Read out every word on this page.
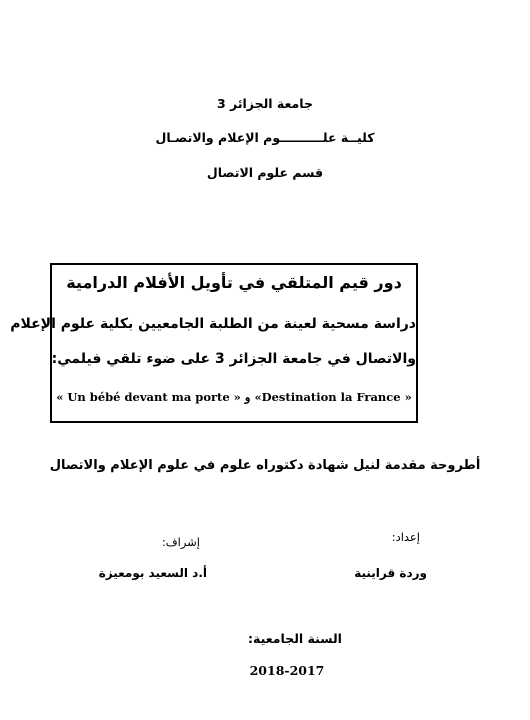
جامعة الجزائر 3
كليــة علــــــــــوم الإعلام والاتصـال
قسم علوم الاتصال
دور قيم المتلقي في تأويل الأفلام الدرامية
دراسة مسحية لعينة من الطلبة الجامعيين بكلية علوم الإعلام
والاتصال في جامعة الجزائر 3 على ضوء تلقي فيلمي:
« Un bébé devant ma porte » و «Destination la France »
أطروحة مقدمة لنيل شهادة دكتوراه علوم في علوم الإعلام والاتصال
إعداد:
إشراف:
وردة قراينية
أ.د السعيد بومعيزة
السنة الجامعية:
2018-2017
